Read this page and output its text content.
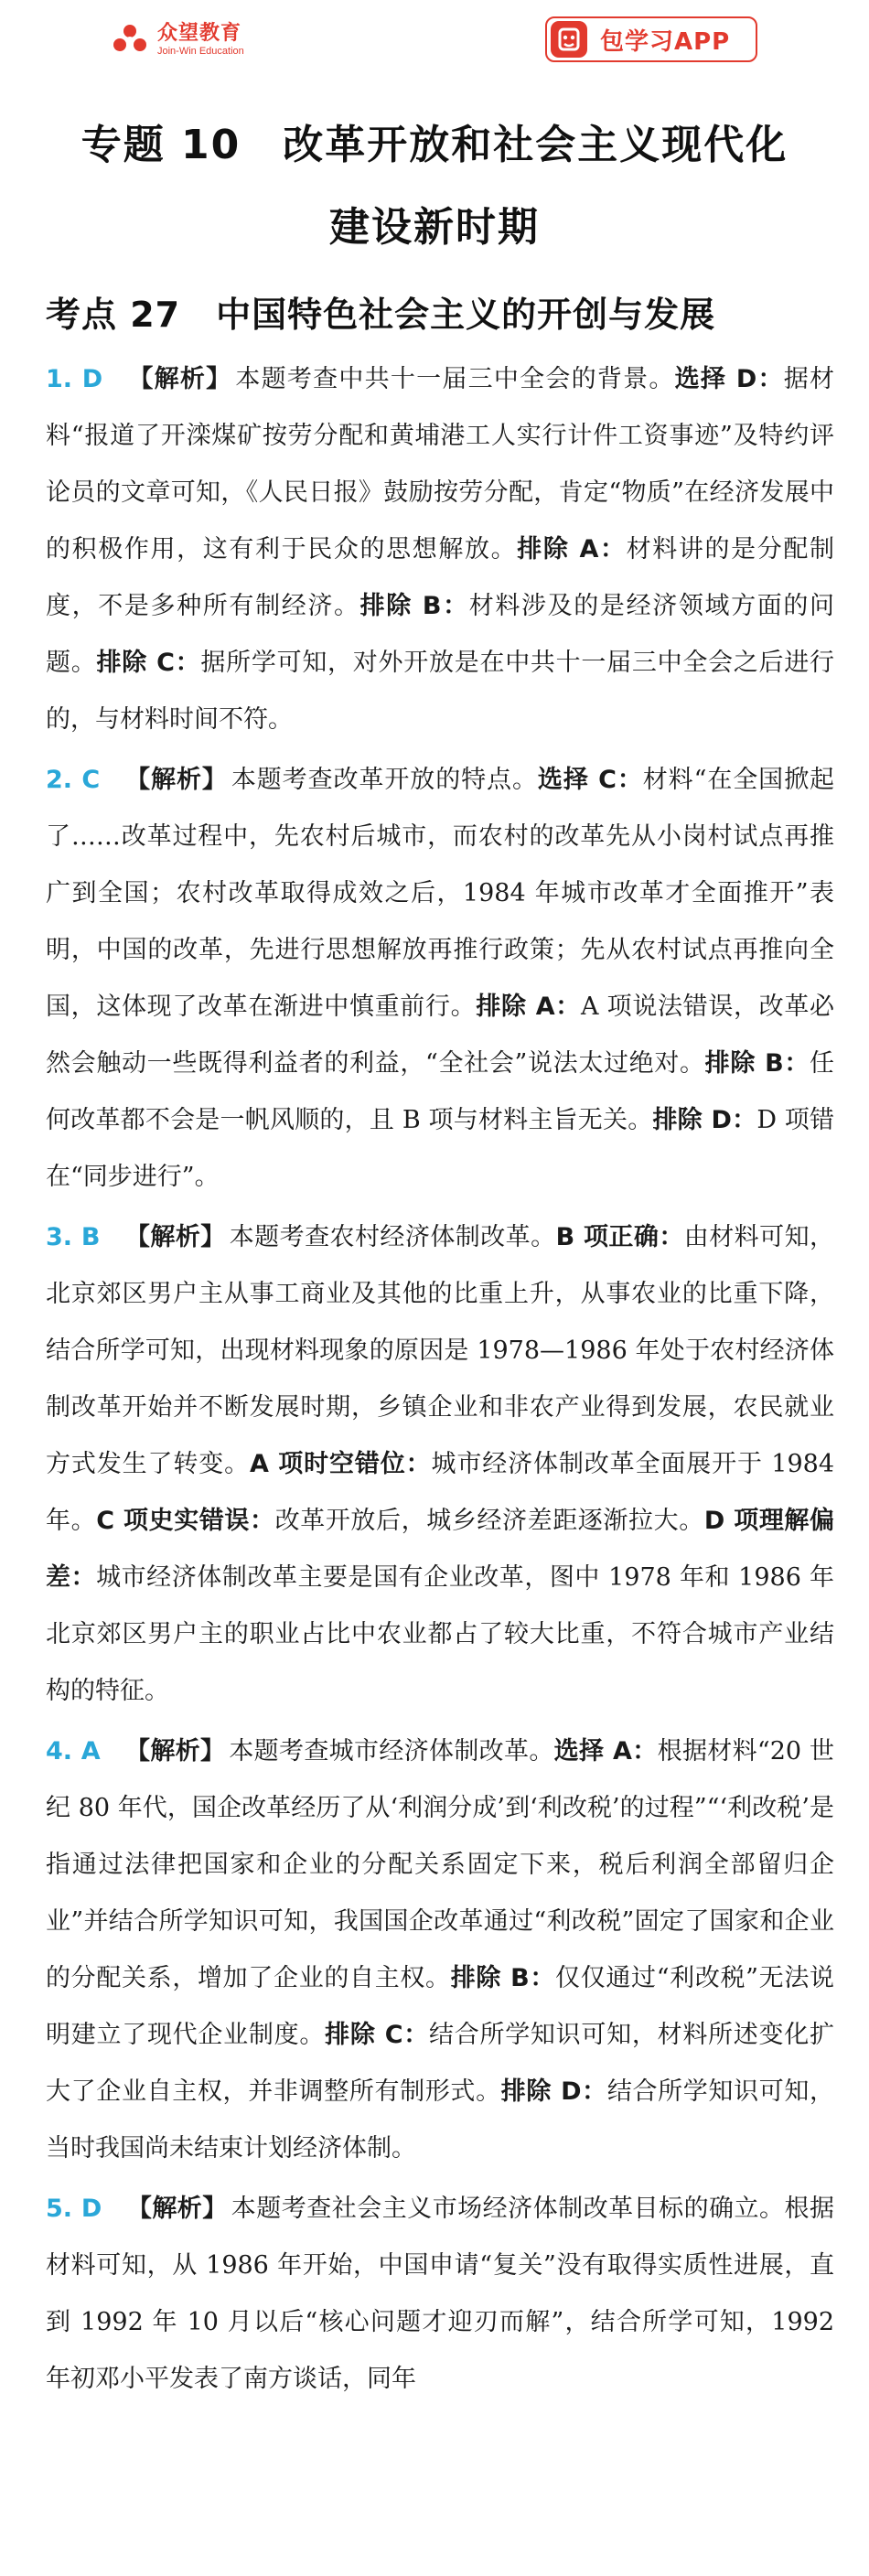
众望教育
Join-Win Education	包学习APP
专题 10　改革开放和社会主义现代化
建设新时期
考点 27　中国特色社会主义的开创与发展

1. D  【解析】 本题考查中共十一届三中全会的背景。选择 D：据材料“报道了开滦煤矿按劳分配和黄埔港工人实行计件工资事迹”及特约评论员的文章可知，《人民日报》鼓励按劳分配，肯定“物质”在经济发展中的积极作用，这有利于民众的思想解放。排除 A：材料讲的是分配制度，不是多种所有制经济。排除 B：材料涉及的是经济领域方面的问题。排除 C：据所学可知，对外开放是在中共十一届三中全会之后进行的，与材料时间不符。

2. C  【解析】 本题考查改革开放的特点。选择 C：材料“在全国掀起了……改革过程中，先农村后城市，而农村的改革先从小岗村试点再推广到全国；农村改革取得成效之后，1984 年城市改革才全面推开”表明，中国的改革，先进行思想解放再推行政策；先从农村试点再推向全国，这体现了改革在渐进中慎重前行。排除 A：A 项说法错误，改革必然会触动一些既得利益者的利益，“全社会”说法太过绝对。排除 B：任何改革都不会是一帆风顺的，且 B 项与材料主旨无关。排除 D：D 项错在“同步进行”。

3. B  【解析】 本题考查农村经济体制改革。B 项正确：由材料可知，北京郊区男户主从事工商业及其他的比重上升，从事农业的比重下降，结合所学可知，出现材料现象的原因是 1978—1986 年处于农村经济体制改革开始并不断发展时期，乡镇企业和非农产业得到发展，农民就业方式发生了转变。A 项时空错位：城市经济体制改革全面展开于 1984 年。C 项史实错误：改革开放后，城乡经济差距逐渐拉大。D 项理解偏差：城市经济体制改革主要是国有企业改革，图中 1978 年和 1986 年北京郊区男户主的职业占比中农业都占了较大比重，不符合城市产业结构的特征。

4. A  【解析】 本题考查城市经济体制改革。选择 A：根据材料“20 世纪 80 年代，国企改革经历了从‘利润分成’到‘利改税’的过程”“‘利改税’是指通过法律把国家和企业的分配关系固定下来，税后利润全部留归企业”并结合所学知识可知，我国国企改革通过“利改税”固定了国家和企业的分配关系，增加了企业的自主权。排除 B：仅仅通过“利改税”无法说明建立了现代企业制度。排除 C：结合所学知识可知，材料所述变化扩大了企业自主权，并非调整所有制形式。排除 D：结合所学知识可知，当时我国尚未结束计划经济体制。

5. D  【解析】 本题考查社会主义市场经济体制改革目标的确立。根据材料可知，从 1986 年开始，中国申请“复关”没有取得实质性进展，直到 1992 年 10 月以后“核心问题才迎刃而解”，结合所学可知，1992 年初邓小平发表了南方谈话，同年
